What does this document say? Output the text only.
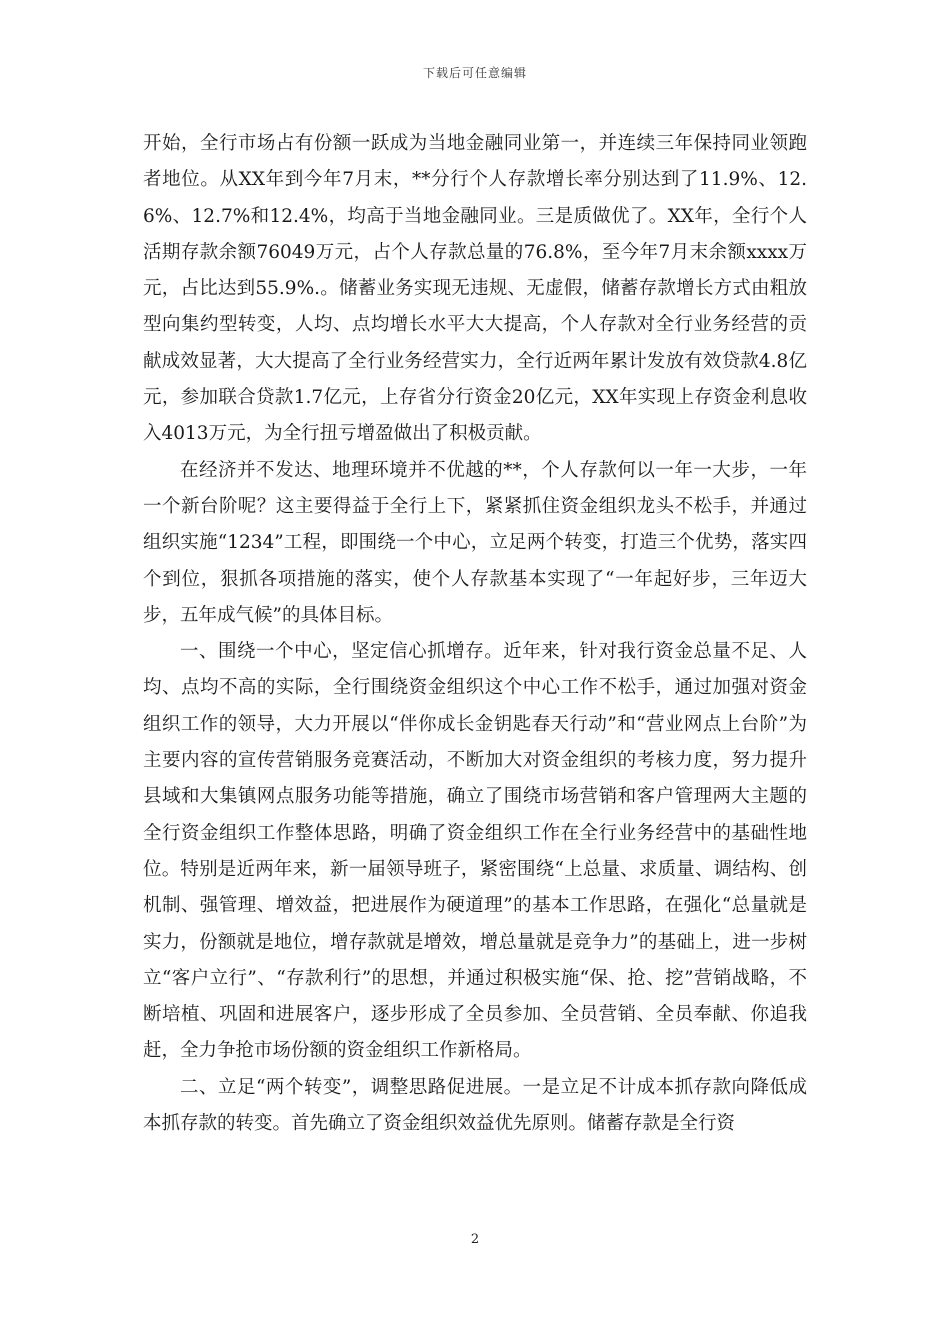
下载后可任意编辑

开始，全行市场占有份额一跃成为当地金融同业第一，并连续三年保持同业领跑者地位。从XX年到今年7月末，**分行个人存款增长率分别达到了11.9%、12.6%、12.7%和12.4%，均高于当地金融同业。三是质做优了。XX年，全行个人活期存款余额76049万元，占个人存款总量的76.8%，至今年7月末余额xxxx万元，占比达到55.9%.。储蓄业务实现无违规、无虚假，储蓄存款增长方式由粗放型向集约型转变，人均、点均增长水平大大提高，个人存款对全行业务经营的贡献成效显著，大大提高了全行业务经营实力，全行近两年累计发放有效贷款4.8亿元，参加联合贷款1.7亿元，上存省分行资金20亿元，XX年实现上存资金利息收入4013万元，为全行扭亏增盈做出了积极贡献。

在经济并不发达、地理环境并不优越的**，个人存款何以一年一大步，一年一个新台阶呢？这主要得益于全行上下，紧紧抓住资金组织龙头不松手，并通过组织实施“1234”工程，即围绕一个中心，立足两个转变，打造三个优势，落实四个到位，狠抓各项措施的落实，使个人存款基本实现了“一年起好步，三年迈大步，五年成气候”的具体目标。

一、围绕一个中心，坚定信心抓增存。近年来，针对我行资金总量不足、人均、点均不高的实际，全行围绕资金组织这个中心工作不松手，通过加强对资金组织工作的领导，大力开展以“伴你成长金钥匙春天行动”和“营业网点上台阶”为主要内容的宣传营销服务竞赛活动，不断加大对资金组织的考核力度，努力提升县域和大集镇网点服务功能等措施，确立了围绕市场营销和客户管理两大主题的全行资金组织工作整体思路，明确了资金组织工作在全行业务经营中的基础性地位。特别是近两年来，新一届领导班子，紧密围绕“上总量、求质量、调结构、创机制、强管理、增效益，把进展作为硬道理”的基本工作思路，在强化“总量就是实力，份额就是地位，增存款就是增效，增总量就是竞争力”的基础上，进一步树立“客户立行”、“存款利行”的思想，并通过积极实施“保、抢、挖”营销战略，不断培植、巩固和进展客户，逐步形成了全员参加、全员营销、全员奉献、你追我赶，全力争抢市场份额的资金组织工作新格局。

二、立足“两个转变”，调整思路促进展。一是立足不计成本抓存款向降低成本抓存款的转变。首先确立了资金组织效益优先原则。储蓄存款是全行资

2
